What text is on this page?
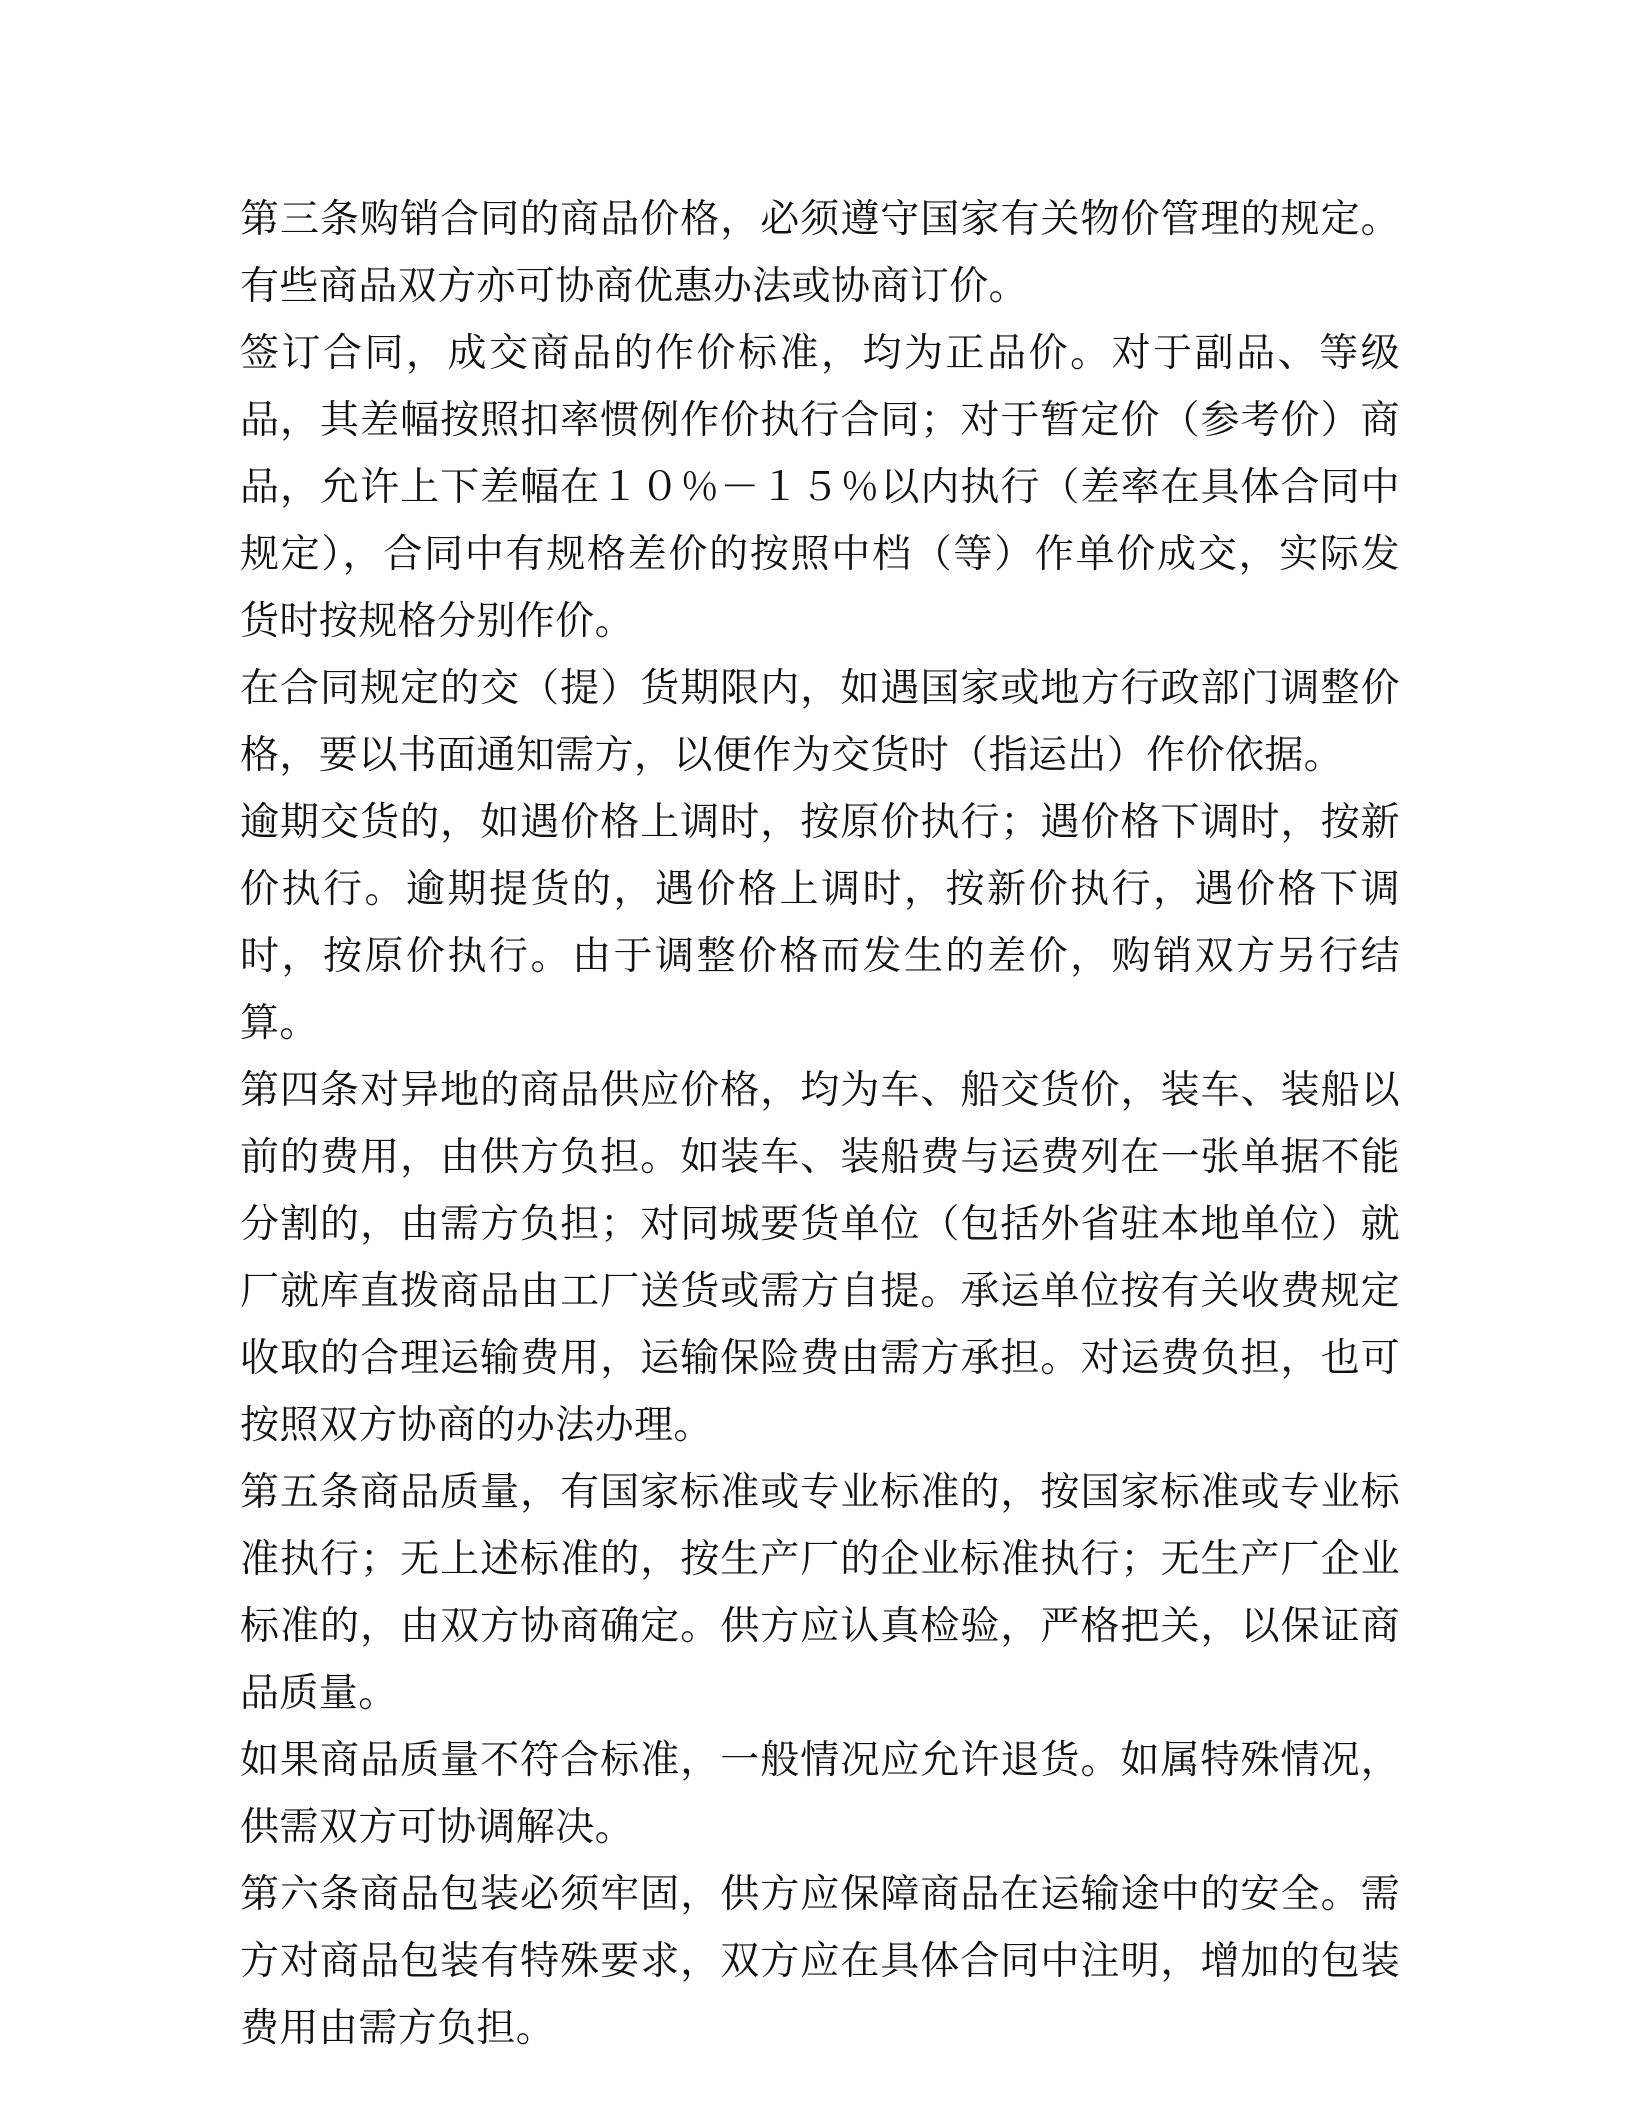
第三条购销合同的商品价格，必须遵守国家有关物价管理的规定。有些商品双方亦可协商优惠办法或协商订价。

签订合同，成交商品的作价标准，均为正品价。对于副品、等级品，其差幅按照扣率惯例作价执行合同；对于暂定价（参考价）商品，允许上下差幅在１０％－１５％以内执行（差率在具体合同中规定），合同中有规格差价的按照中档（等）作单价成交，实际发货时按规格分别作价。

在合同规定的交（提）货期限内，如遇国家或地方行政部门调整价格，要以书面通知需方，以便作为交货时（指运出）作价依据。

逾期交货的，如遇价格上调时，按原价执行；遇价格下调时，按新价执行。逾期提货的，遇价格上调时，按新价执行，遇价格下调时，按原价执行。由于调整价格而发生的差价，购销双方另行结算。

第四条对异地的商品供应价格，均为车、船交货价，装车、装船以前的费用，由供方负担。如装车、装船费与运费列在一张单据不能分割的，由需方负担；对同城要货单位（包括外省驻本地单位）就厂就库直拨商品由工厂送货或需方自提。承运单位按有关收费规定收取的合理运输费用，运输保险费由需方承担。对运费负担，也可按照双方协商的办法办理。

第五条商品质量，有国家标准或专业标准的，按国家标准或专业标准执行；无上述标准的，按生产厂的企业标准执行；无生产厂企业标准的，由双方协商确定。供方应认真检验，严格把关，以保证商品质量。

如果商品质量不符合标准，一般情况应允许退货。如属特殊情况，供需双方可协调解决。

第六条商品包装必须牢固，供方应保障商品在运输途中的安全。需方对商品包装有特殊要求，双方应在具体合同中注明，增加的包装费用由需方负担。
